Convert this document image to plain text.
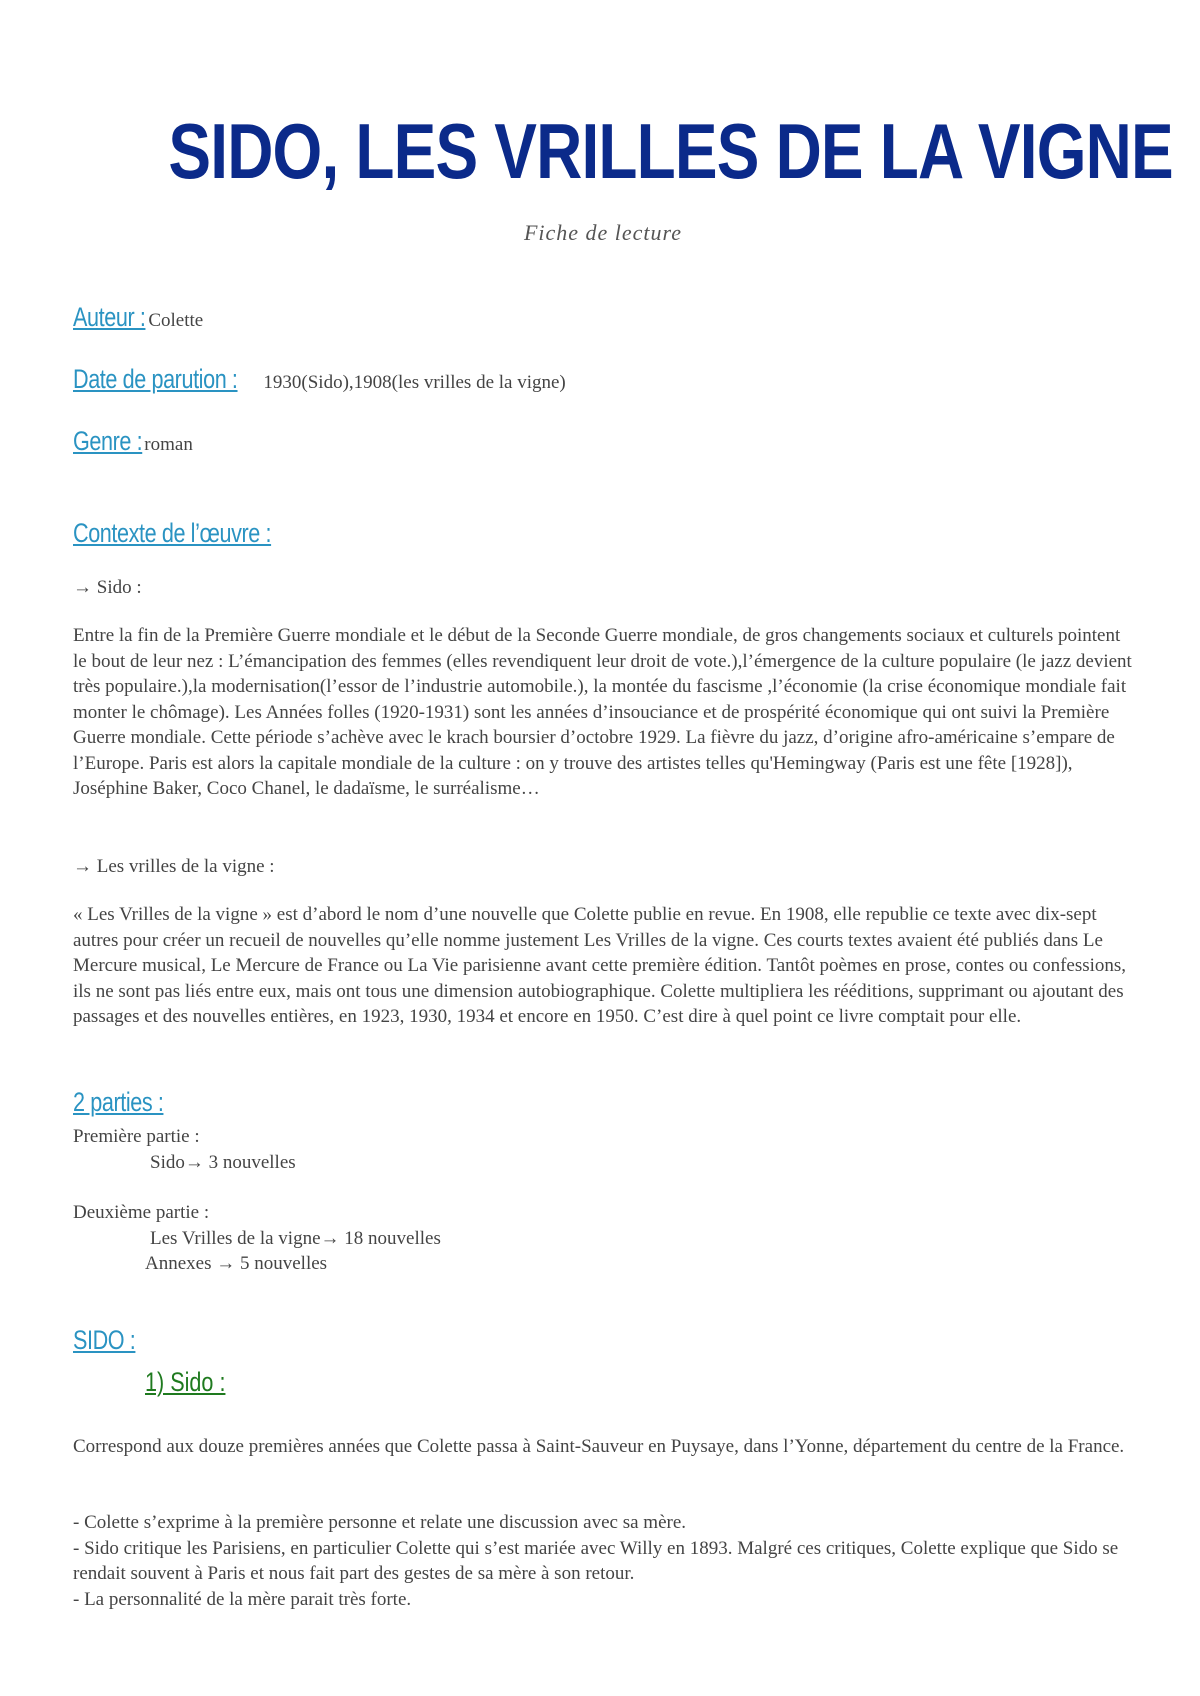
SIDO, LES VRILLES DE LA VIGNE
Fiche de lecture
Auteur : Colette
Date de parution : 1930(Sido),1908(les vrilles de la vigne)
Genre : roman
Contexte de l’œuvre :
→ Sido :

Entre la fin de la Première Guerre mondiale et le début de la Seconde Guerre mondiale, de gros changements sociaux et culturels pointent le bout de leur nez : L’émancipation des femmes (elles revendiquent leur droit de vote.),l’émergence de la culture populaire (le jazz devient très populaire.),la modernisation(l’essor de l’industrie automobile.), la montée du fascisme ,l’économie (la crise économique mondiale fait monter le chômage). Les Années folles (1920-1931) sont les années d’insouciance et de prospérité économique qui ont suivi la Première Guerre mondiale. Cette période s’achève avec le krach boursier d’octobre 1929. La fièvre du jazz, d’origine afro-américaine s’empare de l’Europe. Paris est alors la capitale mondiale de la culture : on y trouve des artistes telles qu'Hemingway (Paris est une fête [1928]), Joséphine Baker, Coco Chanel, le dadaïsme, le surréalisme…

→ Les vrilles de la vigne :

« Les Vrilles de la vigne » est d’abord le nom d’une nouvelle que Colette publie en revue. En 1908, elle republie ce texte avec dix-sept autres pour créer un recueil de nouvelles qu’elle nomme justement Les Vrilles de la vigne. Ces courts textes avaient été publiés dans Le Mercure musical, Le Mercure de France ou La Vie parisienne avant cette première édition. Tantôt poèmes en prose, contes ou confessions, ils ne sont pas liés entre eux, mais ont tous une dimension autobiographique. Colette multipliera les rééditions, supprimant ou ajoutant des passages et des nouvelles entières, en 1923, 1930, 1934 et encore en 1950. C’est dire à quel point ce livre comptait pour elle.

2 parties :
Première partie :
Sido→ 3 nouvelles
Deuxième partie :
Les Vrilles de la vigne→ 18 nouvelles
Annexes → 5 nouvelles
SIDO :
1) Sido :

Correspond aux douze premières années que Colette passa à Saint-Sauveur en Puysaye, dans l’Yonne, département du centre de la France.

- Colette s’exprime à la première personne et relate une discussion avec sa mère.

- Sido critique les Parisiens, en particulier Colette qui s’est mariée avec Willy en 1893. Malgré ces critiques, Colette explique que Sido se rendait souvent à Paris et nous fait part des gestes de sa mère à son retour.

- La personnalité de la mère parait très forte.
